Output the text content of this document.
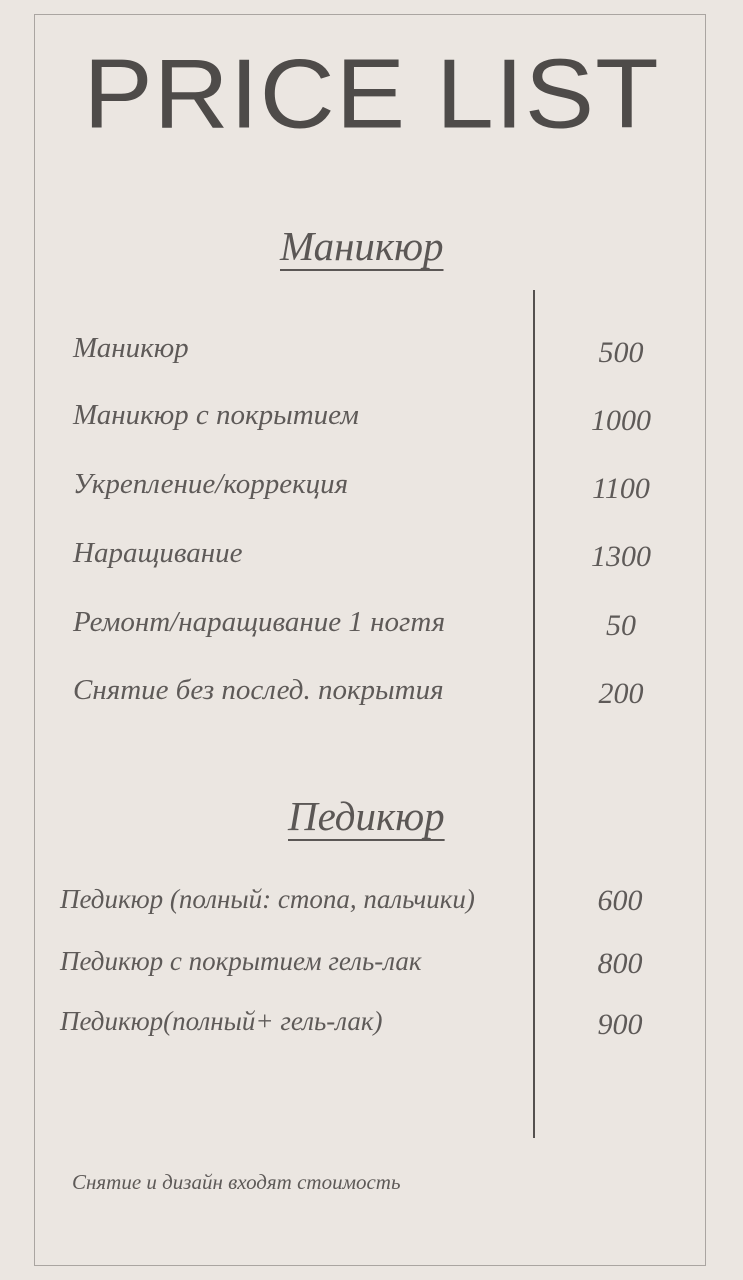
PRICE LIST
Маникюр
Маникюр	500
Маникюр с покрытием	1000
Укрепление/коррекция	1100
Наращивание	1300
Ремонт/наращивание 1 ногтя	50
Снятие без послед. покрытия	200
Педикюр
Педикюр (полный: стопа, пальчики)	600
Педикюр с покрытием гель-лак	800
Педикюр(полный+ гель-лак)	900
Снятие и дизайн входят стоимость
